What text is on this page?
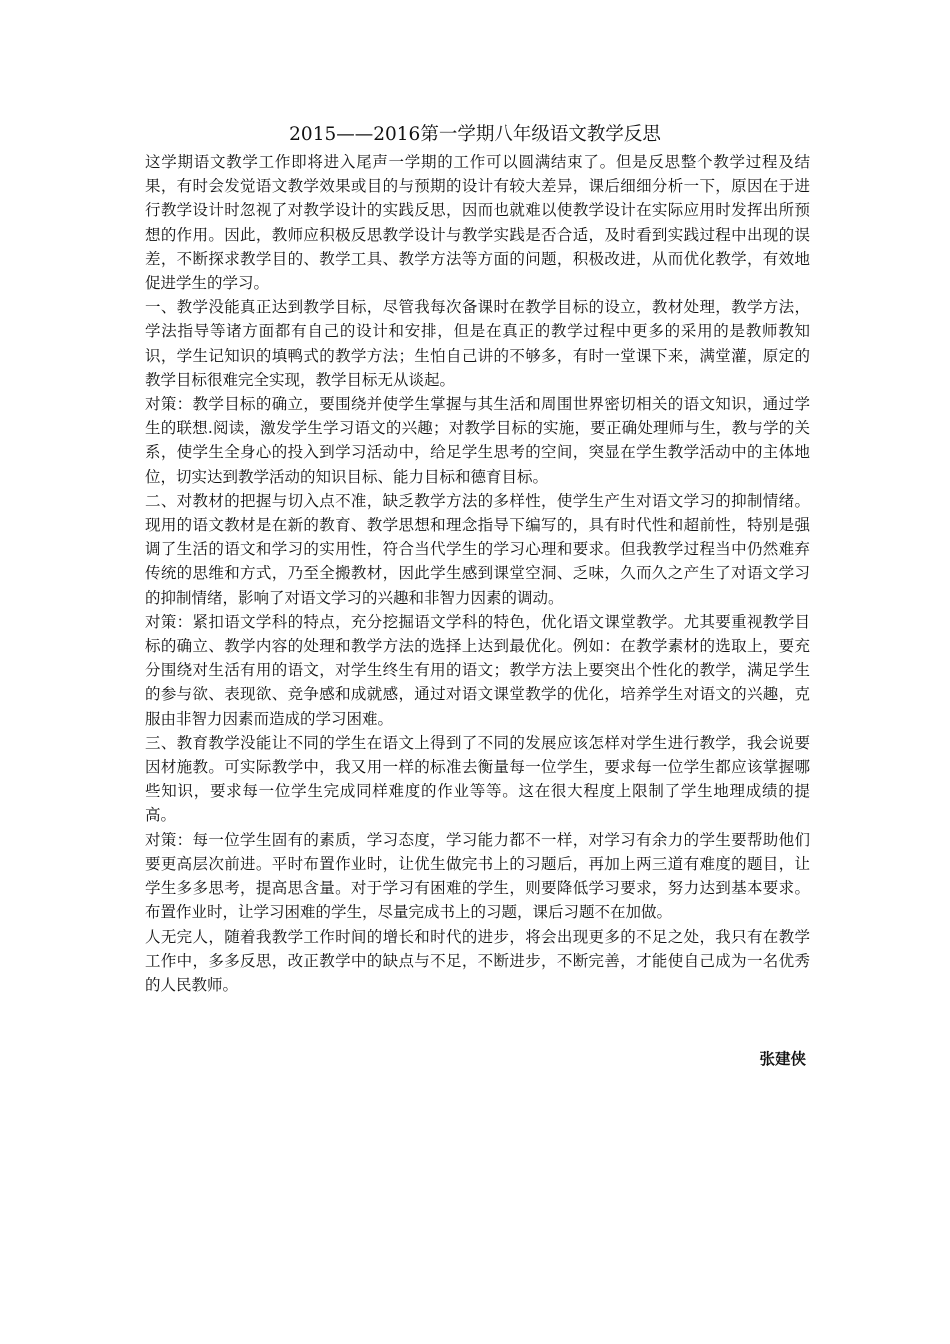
2015——2016第一学期八年级语文教学反思

这学期语文教学工作即将进入尾声一学期的工作可以圆满结束了。但是反思整个教学过程及结果，有时会发觉语文教学效果或目的与预期的设计有较大差异，课后细细分析一下，原因在于进行教学设计时忽视了对教学设计的实践反思，因而也就难以使教学设计在实际应用时发挥出所预想的作用。因此，教师应积极反思教学设计与教学实践是否合适，及时看到实践过程中出现的误差，不断探求教学目的、教学工具、教学方法等方面的问题，积极改进，从而优化教学，有效地促进学生的学习。

一、教学没能真正达到教学目标，尽管我每次备课时在教学目标的设立，教材处理，教学方法，学法指导等诸方面都有自己的设计和安排，但是在真正的教学过程中更多的采用的是教师教知识，学生记知识的填鸭式的教学方法；生怕自己讲的不够多，有时一堂课下来，满堂灌，原定的教学目标很难完全实现，教学目标无从谈起。

对策：教学目标的确立，要围绕并使学生掌握与其生活和周围世界密切相关的语文知识，通过学生的联想.阅读，激发学生学习语文的兴趣；对教学目标的实施，要正确处理师与生，教与学的关系，使学生全身心的投入到学习活动中，给足学生思考的空间，突显在学生教学活动中的主体地位，切实达到教学活动的知识目标、能力目标和德育目标。

二、对教材的把握与切入点不准，缺乏教学方法的多样性，使学生产生对语文学习的抑制情绪。现用的语文教材是在新的教育、教学思想和理念指导下编写的，具有时代性和超前性，特别是强调了生活的语文和学习的实用性，符合当代学生的学习心理和要求。但我教学过程当中仍然难弃传统的思维和方式，乃至全搬教材，因此学生感到课堂空洞、乏味，久而久之产生了对语文学习的抑制情绪，影响了对语文学习的兴趣和非智力因素的调动。

对策：紧扣语文学科的特点，充分挖掘语文学科的特色，优化语文课堂教学。尤其要重视教学目标的确立、教学内容的处理和教学方法的选择上达到最优化。例如：在教学素材的选取上，要充分围绕对生活有用的语文，对学生终生有用的语文；教学方法上要突出个性化的教学，满足学生的参与欲、表现欲、竞争感和成就感，通过对语文课堂教学的优化，培养学生对语文的兴趣，克服由非智力因素而造成的学习困难。

三、教育教学没能让不同的学生在语文上得到了不同的发展应该怎样对学生进行教学，我会说要因材施教。可实际教学中，我又用一样的标准去衡量每一位学生，要求每一位学生都应该掌握哪些知识，要求每一位学生完成同样难度的作业等等。这在很大程度上限制了学生地理成绩的提高。

对策：每一位学生固有的素质，学习态度，学习能力都不一样，对学习有余力的学生要帮助他们要更高层次前进。平时布置作业时，让优生做完书上的习题后，再加上两三道有难度的题目，让学生多多思考，提高思含量。对于学习有困难的学生，则要降低学习要求，努力达到基本要求。布置作业时，让学习困难的学生，尽量完成书上的习题，课后习题不在加做。

人无完人，随着我教学工作时间的增长和时代的进步，将会出现更多的不足之处，我只有在教学工作中，多多反思，改正教学中的缺点与不足，不断进步，不断完善，才能使自己成为一名优秀的人民教师。

张建侠
